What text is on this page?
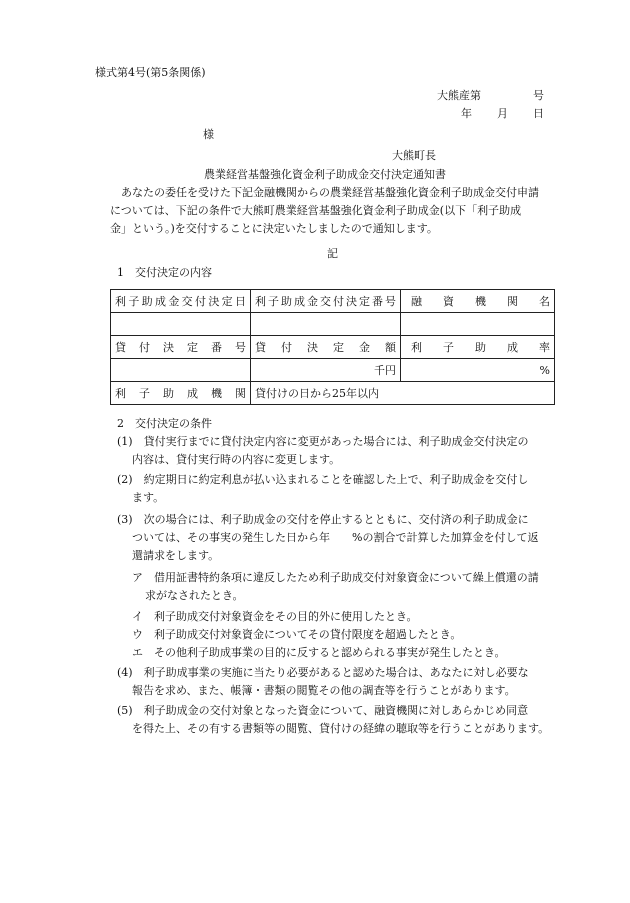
様式第4号(第5条関係)
大熊産第	号
年 月 日
様
大熊町長
農業経営基盤強化資金利子助成金交付決定通知書

あなたの委任を受けた下記金融機関からの農業経営基盤強化資金利子助成金交付申請

については、下記の条件で大熊町農業経営基盤強化資金利子助成金(以下「利子助成

金」という。)を交付することに決定いたしましたので通知します。

記
1　交付決定の内容
利子助成金交付決定日	利子助成金交付決定番号	融資機関名

貸付決定番号	貸付決定金額	利子助成率
	千円	%
利子助成機関	貸付けの日から25年以内	
2　交付決定の条件

(1)　貸付実行までに貸付決定内容に変更があった場合には、利子助成金交付決定の

内容は、貸付実行時の内容に変更します。

(2)　約定期日に約定利息が払い込まれることを確認した上で、利子助成金を交付し

ます。

(3)　次の場合には、利子助成金の交付を停止するとともに、交付済の利子助成金に

ついては、その事実の発生した日から年　　%の割合で計算した加算金を付して返

還請求をします。

ア　借用証書特約条項に違反したため利子助成交付対象資金について繰上償還の請

求がなされたとき。

イ　利子助成交付対象資金をその目的外に使用したとき。

ウ　利子助成交付対象資金についてその貸付限度を超過したとき。

エ　その他利子助成事業の目的に反すると認められる事実が発生したとき。

(4)　利子助成事業の実施に当たり必要があると認めた場合は、あなたに対し必要な

報告を求め、また、帳簿・書類の閲覧その他の調査等を行うことがあります。

(5)　利子助成金の交付対象となった資金について、融資機関に対しあらかじめ同意

を得た上、その有する書類等の閲覧、貸付けの経緯の聴取等を行うことがあります。
